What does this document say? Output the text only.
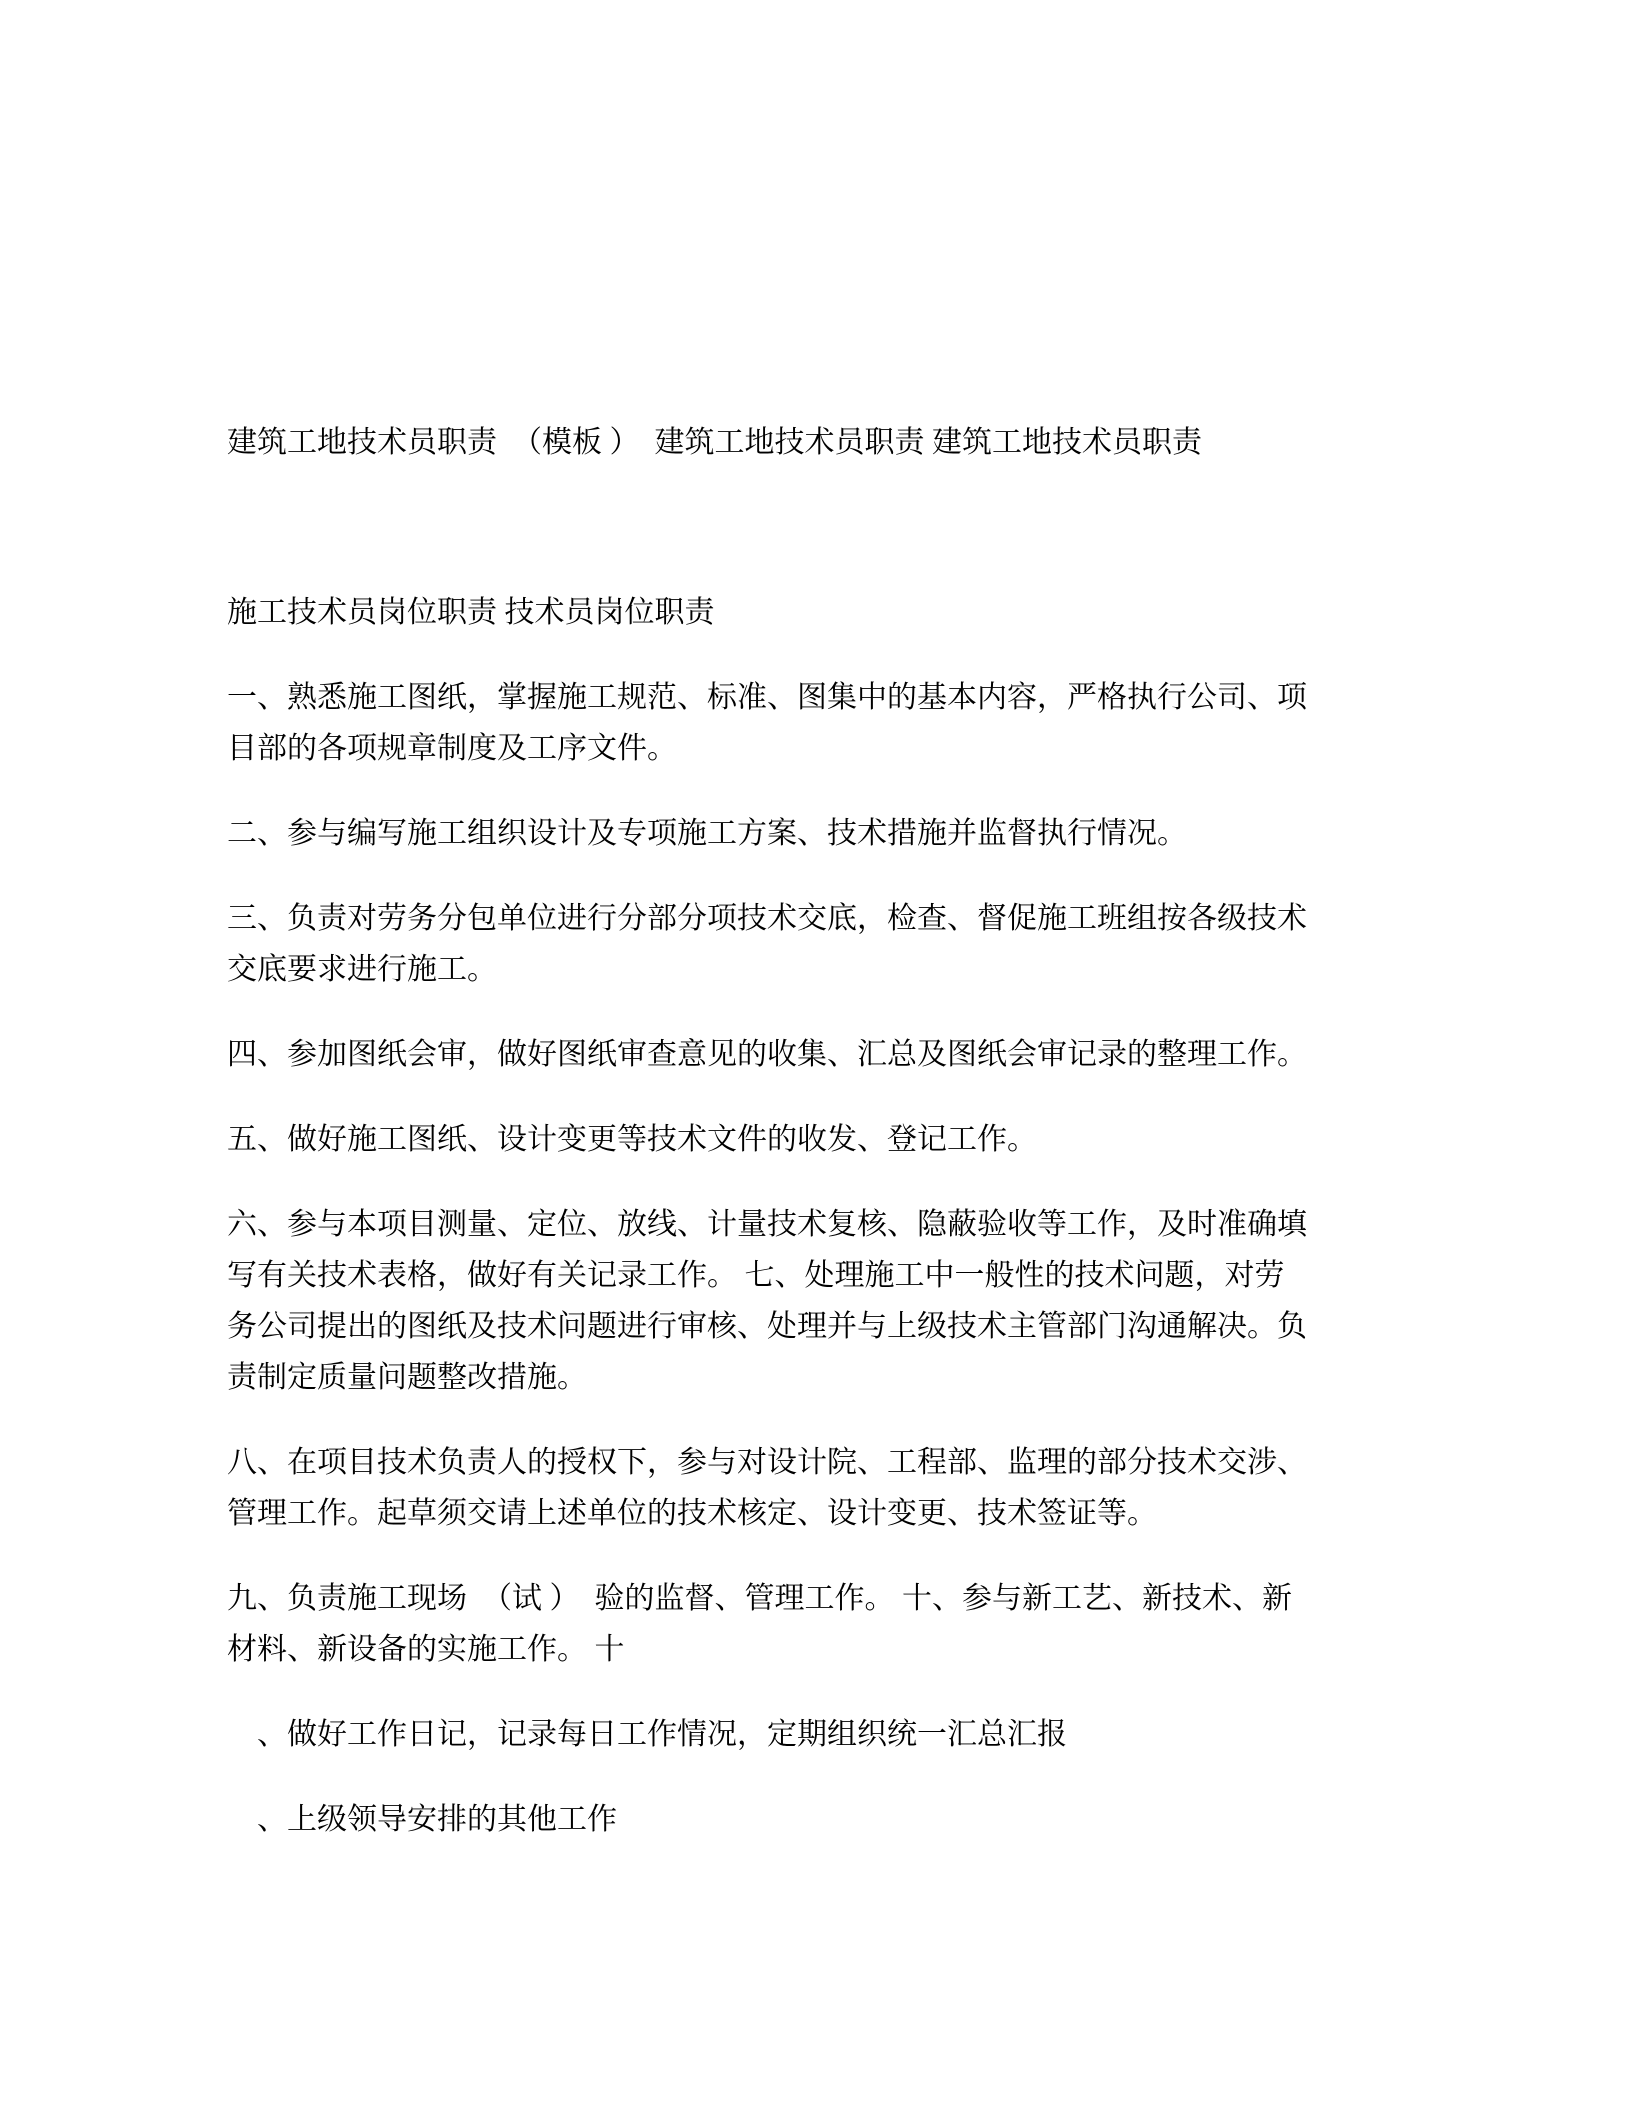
建筑工地技术员职责　（模板 ）　建筑工地技术员职责 建筑工地技术员职责

施工技术员岗位职责 技术员岗位职责

一、熟悉施工图纸，掌握施工规范、标准、图集中的基本内容，严格执行公司、项目部的各项规章制度及工序文件。

二、参与编写施工组织设计及专项施工方案、技术措施并监督执行情况。

三、负责对劳务分包单位进行分部分项技术交底，检查、督促施工班组按各级技术交底要求进行施工。

四、参加图纸会审，做好图纸审查意见的收集、汇总及图纸会审记录的整理工作。

五、做好施工图纸、设计变更等技术文件的收发、登记工作。

六、参与本项目测量、定位、放线、计量技术复核、隐蔽验收等工作，及时准确填写有关技术表格，做好有关记录工作。 七、处理施工中一般性的技术问题，对劳务公司提出的图纸及技术问题进行审核、处理并与上级技术主管部门沟通解决。负责制定质量问题整改措施。

八、在项目技术负责人的授权下，参与对设计院、工程部、监理的部分技术交涉、管理工作。起草须交请上述单位的技术核定、设计变更、技术签证等。

九、负责施工现场　（试 ）　验的监督、管理工作。 十、参与新工艺、新技术、新材料、新设备的实施工作。 十

、做好工作日记，记录每日工作情况，定期组织统一汇总汇报

、上级领导安排的其他工作
